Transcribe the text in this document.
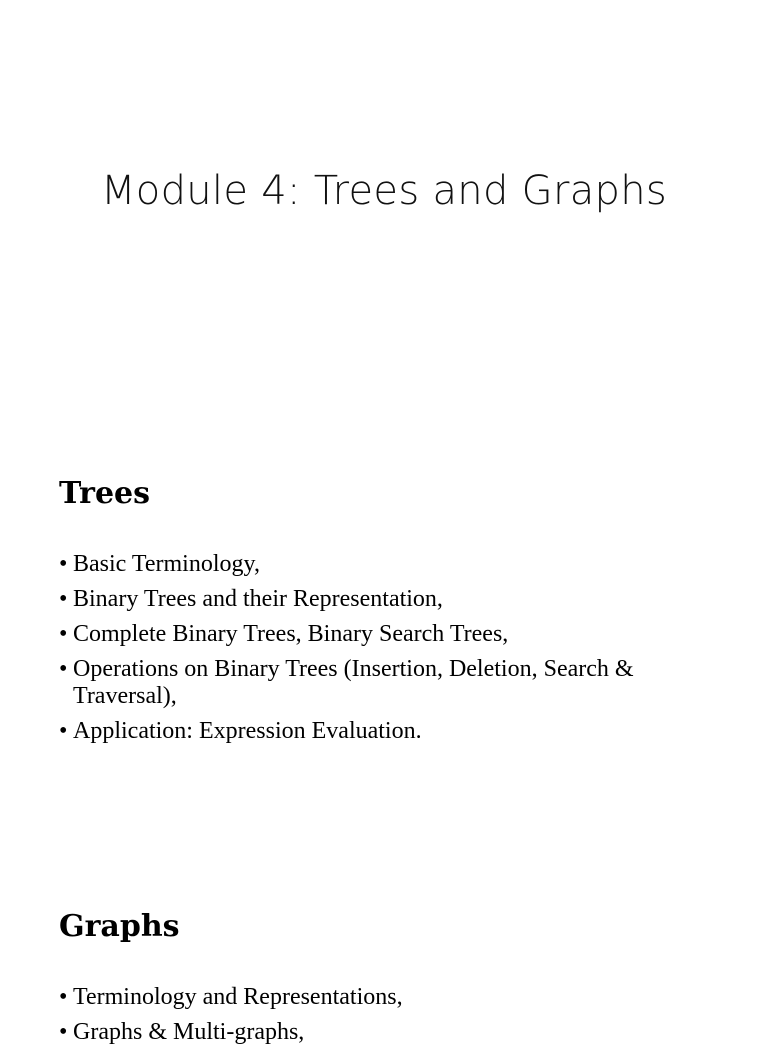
Module 4: Trees and Graphs
Trees
• Basic Terminology,
• Binary Trees and their Representation,
• Complete Binary Trees, Binary Search Trees,
• Operations on Binary Trees (Insertion, Deletion, Search & Traversal),
• Application: Expression Evaluation.
Graphs
• Terminology and Representations,
• Graphs & Multi-graphs,
